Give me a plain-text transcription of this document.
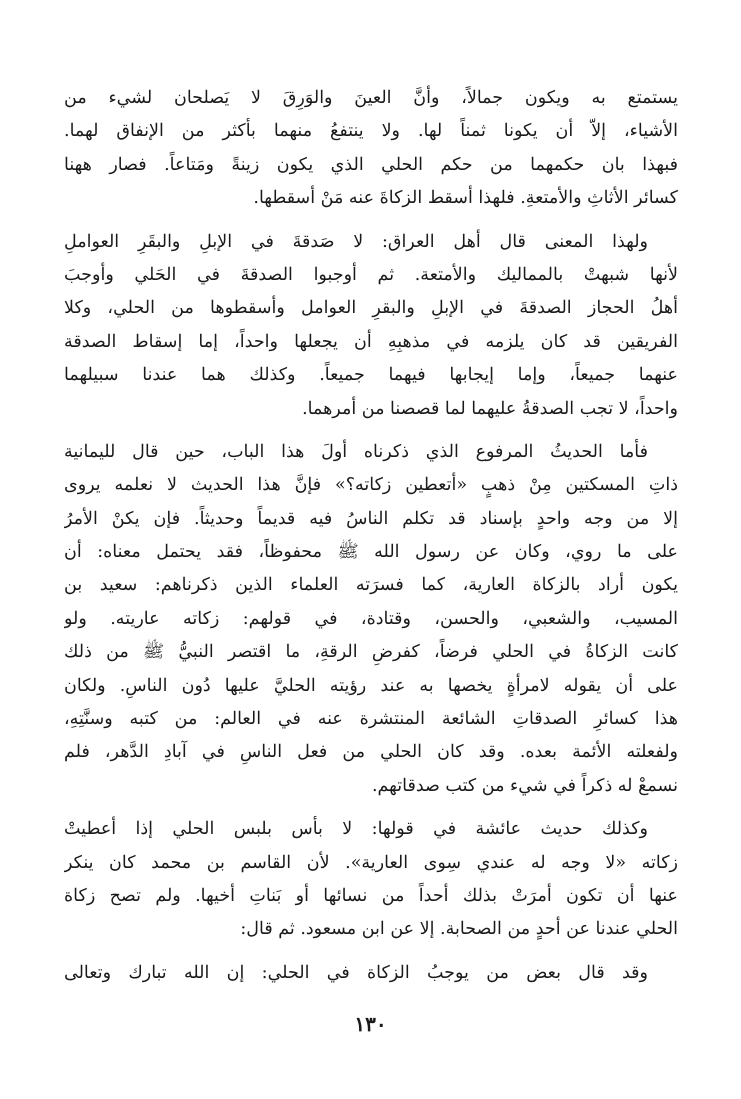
يستمتع به ويكون جمالاً، وأنَّ العينَ والوَرِقَ لا يَصلحان لشيء من
الأشياء، إلاّ أن يكونا ثمناً لها. ولا ينتفعُ منهما بأكثر من الإنفاق لهما.
فبهذا بان حكمهما من حكم الحلي الذي يكون زينةً ومَتاعاً. فصار ههنا
كسائر الأثاثِ والأمتعةِ. فلهذا أسقط الزكاةَ عنه مَنْ أسقطها.
ولهذا المعنى قال أهل العراق: لا صَدقةَ في الإبلِ والبقَرِ العواملِ
لأنها شبهتْ بالمماليك والأمتعة. ثم أوجبوا الصدقةَ في الحَلي وأوجبَ
أهلُ الحجاز الصدقةَ في الإبلِ والبقرِ العوامل وأسقطوها من الحلي، وكلا
الفريقين قد كان يلزمه في مذهبِهِ أن يجعلها واحداً، إما إسقاط الصدقة
عنهما جميعاً، وإما إيجابها فيهما جميعاً. وكذلك هما عندنا سبيلهما
واحداً، لا تجب الصدقةُ عليهما لما قصصنا من أمرهما.
فأما الحديثُ المرفوع الذي ذكرناه أولَ هذا الباب، حين قال لليمانية
ذاتِ المسكتين مِنْ ذهبٍ «أتعطين زكاته؟» فإنَّ هذا الحديث لا نعلمه يروى
إلا من وجه واحدٍ بإسناد قد تكلم الناسُ فيه قديماً وحديثاً. فإن يكنْ الأمرُ
على ما روي، وكان عن رسول الله ﷺ محفوظاً، فقد يحتمل معناه: أن
يكون أراد بالزكاة العارية، كما فسرَته العلماء الذين ذكرناهم: سعيد بن
المسيب، والشعبي، والحسن، وقتادة، في قولهم: زكاته عاريته. ولو
كانت الزكاةُ في الحلي فرضاً، كفرضِ الرقةِ، ما اقتصر النبيُّ ﷺ من ذلك
على أن يقوله لامرأةٍ يخصها به عند رؤيته الحليَّ عليها دُون الناسِ. ولكان
هذا كسائرِ الصدقاتِ الشائعة المنتشرة عنه في العالم: من كتبه وسنَّتِهِ،
ولفعلته الأئمة بعده. وقد كان الحلي من فعل الناسِ في آبادِ الدَّهر، فلم
نسمعْ له ذكراً في شيء من كتب صدقاتهم.
وكذلك حديث عائشة في قولها: لا بأس بلبس الحلي إذا أعطيتْ
زكاته «لا وجه له عندي سِوى العارية». لأن القاسم بن محمد كان ينكر
عنها أن تكون أمرَتْ بذلك أحداً من نسائها أو بَناتِ أخيها. ولم تصح زكاة
الحلي عندنا عن أحدٍ من الصحابة. إلا عن ابن مسعود. ثم قال:
وقد قال بعض من يوجبُ الزكاة في الحلي: إن الله تبارك وتعالى
١٣٠
